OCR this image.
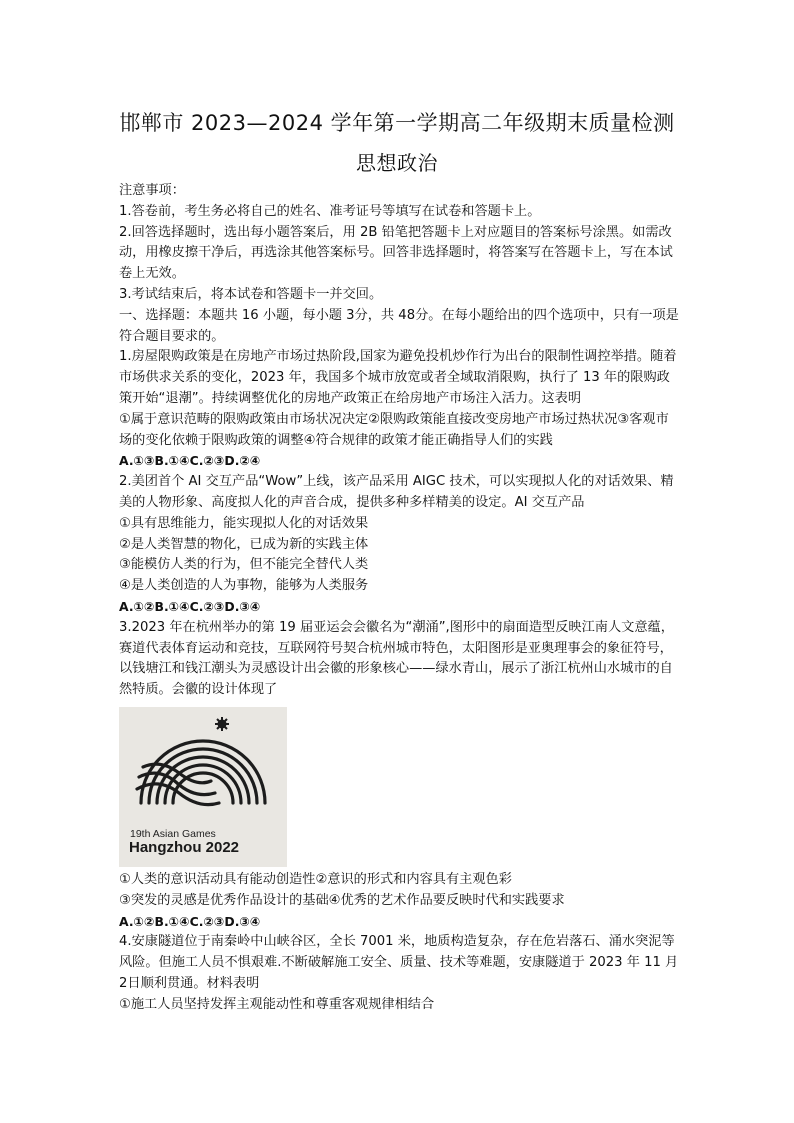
邯郸市 2023—2024 学年第一学期高二年级期末质量检测
思想政治

注意事项：

1.答卷前，考生务必将自己的姓名、准考证号等填写在试卷和答题卡上。

2.回答选择题时，选出每小题答案后，用 2B 铅笔把答题卡上对应题目的答案标号涂黑。如需改动，用橡皮擦干净后，再选涂其他答案标号。回答非选择题时，将答案写在答题卡上，写在本试卷上无效。

3.考试结束后，将本试卷和答题卡一并交回。

一、选择题：本题共 16 小题，每小题 3分，共 48分。在每小题给出的四个选项中，只有一项是符合题目要求的。

1.房屋限购政策是在房地产市场过热阶段,国家为避免投机炒作行为出台的限制性调控举措。随着市场供求关系的变化，2023 年，我国多个城市放宽或者全域取消限购，执行了 13 年的限购政策开始“退潮”。持续调整优化的房地产政策正在给房地产市场注入活力。这表明

①属于意识范畴的限购政策由市场状况决定②限购政策能直接改变房地产市场过热状况③客观市场的变化依赖于限购政策的调整④符合规律的政策才能正确指导人们的实践

A.①③B.①④C.②③D.②④

2.美团首个 AI 交互产品“Wow”上线，该产品采用 AIGC 技术，可以实现拟人化的对话效果、精美的人物形象、高度拟人化的声音合成，提供多种多样精美的设定。AI 交互产品

①具有思维能力，能实现拟人化的对话效果

②是人类智慧的物化，已成为新的实践主体

③能模仿人类的行为，但不能完全替代人类

④是人类创造的人为事物，能够为人类服务

A.①②B.①④C.②③D.③④

3.2023 年在杭州举办的第 19 届亚运会会徽名为“潮涌”,图形中的扇面造型反映江南人文意蕴，赛道代表体育运动和竞技，互联网符号契合杭州城市特色，太阳图形是亚奥理事会的象征符号，以钱塘江和钱江潮头为灵感设计出会徽的形象核心——绿水青山，展示了浙江杭州山水城市的自然特质。会徽的设计体现了

19th Asian Games
Hangzhou 2022

①人类的意识活动具有能动创造性②意识的形式和内容具有主观色彩

③突发的灵感是优秀作品设计的基础④优秀的艺术作品要反映时代和实践要求

A.①②B.①④C.②③D.③④

4.安康隧道位于南秦岭中山峡谷区，全长 7001 米，地质构造复杂，存在危岩落石、涌水突泥等风险。但施工人员不惧艰难.不断破解施工安全、质量、技术等难题，安康隧道于 2023 年 11 月 2日顺利贯通。材料表明

①施工人员坚持发挥主观能动性和尊重客观规律相结合
